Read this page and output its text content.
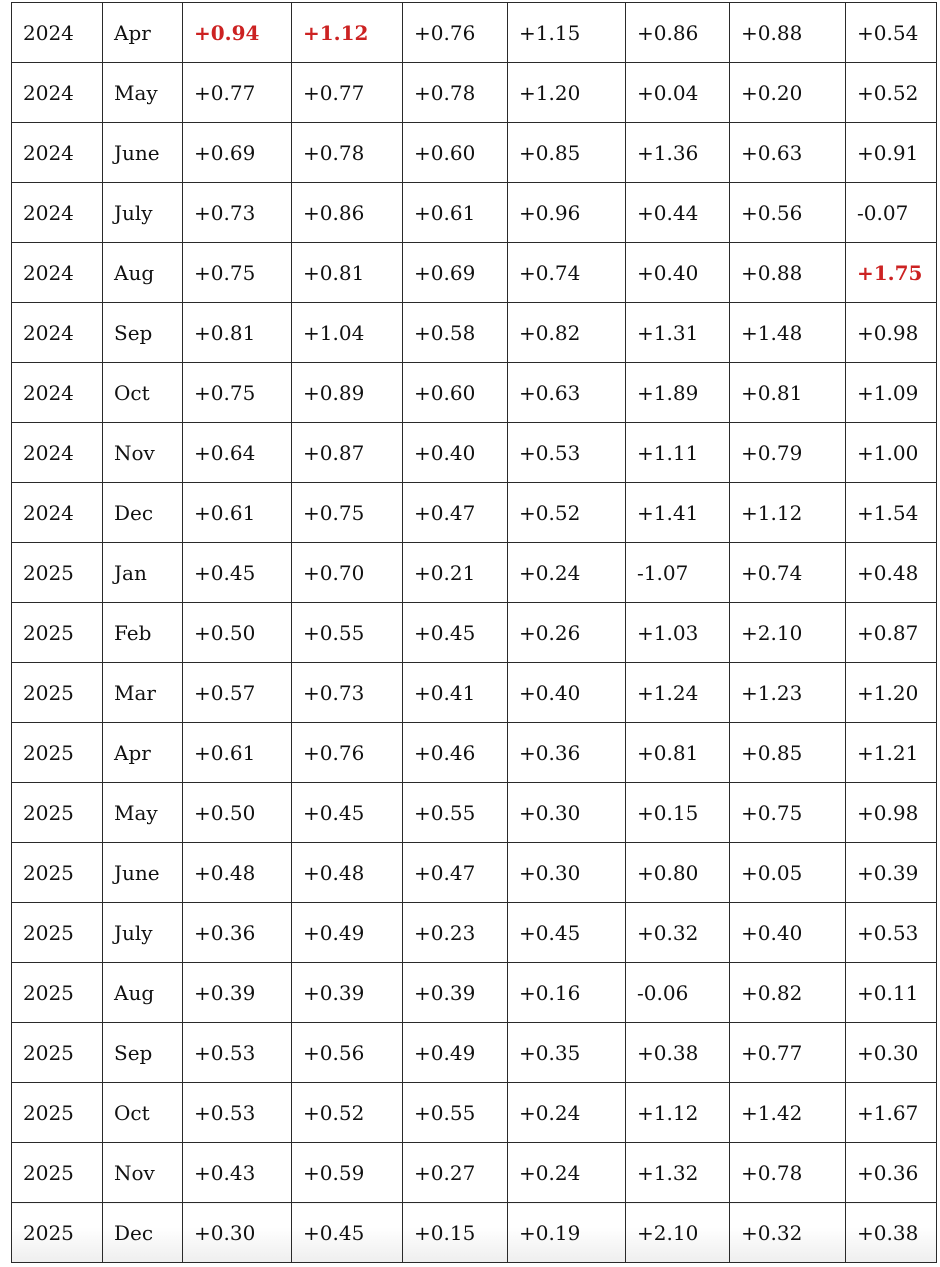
2024	Apr	+0.94	+1.12	+0.76	+1.15	+0.86	+0.88	+0.54
2024	May	+0.77	+0.77	+0.78	+1.20	+0.04	+0.20	+0.52
2024	June	+0.69	+0.78	+0.60	+0.85	+1.36	+0.63	+0.91
2024	July	+0.73	+0.86	+0.61	+0.96	+0.44	+0.56	-0.07
2024	Aug	+0.75	+0.81	+0.69	+0.74	+0.40	+0.88	+1.75
2024	Sep	+0.81	+1.04	+0.58	+0.82	+1.31	+1.48	+0.98
2024	Oct	+0.75	+0.89	+0.60	+0.63	+1.89	+0.81	+1.09
2024	Nov	+0.64	+0.87	+0.40	+0.53	+1.11	+0.79	+1.00
2024	Dec	+0.61	+0.75	+0.47	+0.52	+1.41	+1.12	+1.54
2025	Jan	+0.45	+0.70	+0.21	+0.24	-1.07	+0.74	+0.48
2025	Feb	+0.50	+0.55	+0.45	+0.26	+1.03	+2.10	+0.87
2025	Mar	+0.57	+0.73	+0.41	+0.40	+1.24	+1.23	+1.20
2025	Apr	+0.61	+0.76	+0.46	+0.36	+0.81	+0.85	+1.21
2025	May	+0.50	+0.45	+0.55	+0.30	+0.15	+0.75	+0.98
2025	June	+0.48	+0.48	+0.47	+0.30	+0.80	+0.05	+0.39
2025	July	+0.36	+0.49	+0.23	+0.45	+0.32	+0.40	+0.53
2025	Aug	+0.39	+0.39	+0.39	+0.16	-0.06	+0.82	+0.11
2025	Sep	+0.53	+0.56	+0.49	+0.35	+0.38	+0.77	+0.30
2025	Oct	+0.53	+0.52	+0.55	+0.24	+1.12	+1.42	+1.67
2025	Nov	+0.43	+0.59	+0.27	+0.24	+1.32	+0.78	+0.36
2025	Dec	+0.30	+0.45	+0.15	+0.19	+2.10	+0.32	+0.38
